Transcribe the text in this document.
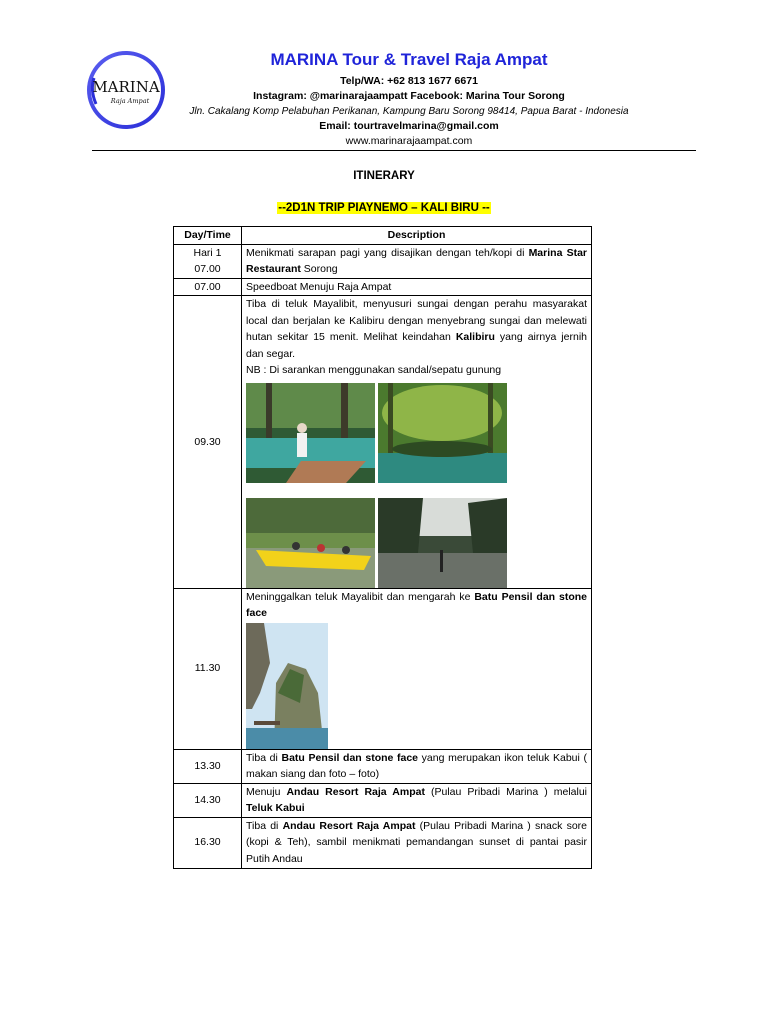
MARINA
Raja Ampat
MARINA Tour & Travel Raja Ampat
Telp/WA: +62 813 1677 6671
Instagram: @marinarajaampatt Facebook: Marina Tour Sorong
Jln. Cakalang Komp Pelabuhan Perikanan, Kampung Baru Sorong 98414, Papua Barat - Indonesia
Email: tourtravelmarina@gmail.com
www.marinarajaampat.com
ITINERARY
--2D1N TRIP PIAYNEMO – KALI BIRU --
Day/Time	Description

Hari 1
07.00	Menikmati sarapan pagi yang disajikan dengan teh/kopi di Marina Star Restaurant Sorong
07.00	Speedboat Menuju Raja Ampat
09.30	Tiba di teluk Mayalibit, menyusuri sungai dengan perahu masyarakat local dan berjalan ke Kalibiru dengan menyebrang sungai dan melewati hutan sekitar 15 menit. Melihat keindahan Kalibiru yang airnya jernih dan segar.
NB : Di sarankan menggunakan sandal/sepatu gunung

11.30	Meninggalkan teluk Mayalibit dan mengarah ke Batu Pensil dan stone face

13.30	Tiba di Batu Pensil dan stone face yang merupakan ikon teluk Kabui ( makan siang dan foto – foto)
14.30	Menuju Andau Resort Raja Ampat (Pulau Pribadi Marina ) melalui Teluk Kabui
16.30	Tiba di Andau Resort Raja Ampat (Pulau Pribadi Marina ) snack sore (kopi & Teh), sambil menikmati pemandangan sunset di pantai pasir Putih Andau
